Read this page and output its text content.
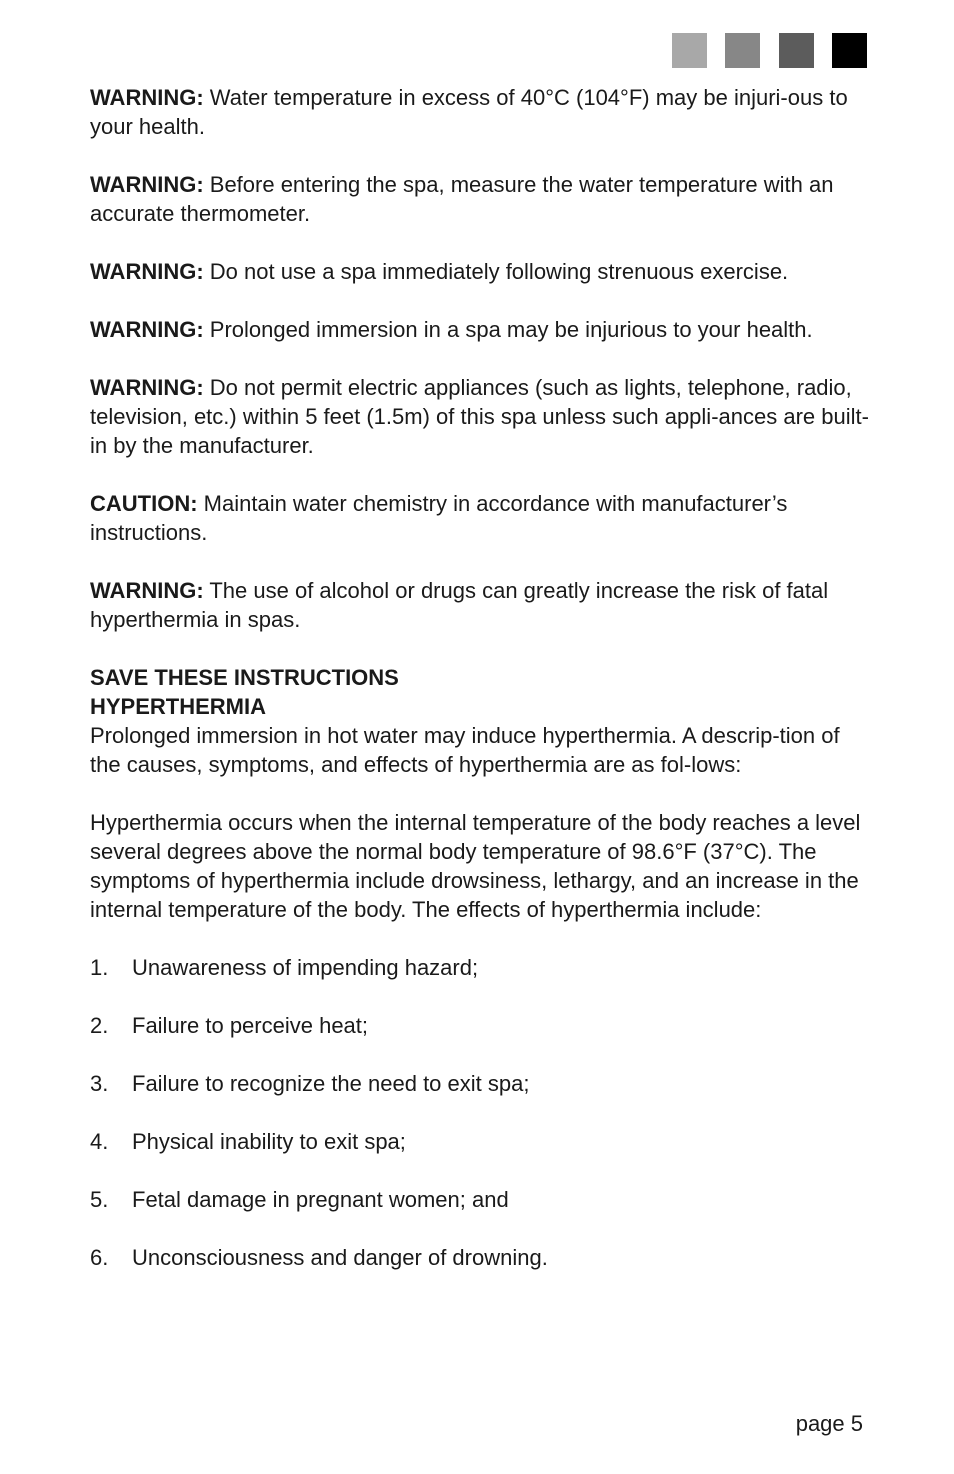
WARNING: Water temperature in excess of 40°C (104°F) may be injuri-ous to your health.

WARNING: Before entering the spa, measure the water temperature with an accurate thermometer.

WARNING: Do not use a spa immediately following strenuous exercise.

WARNING: Prolonged immersion in a spa may be injurious to your health.

WARNING: Do not permit electric appliances (such as lights, telephone, radio, television, etc.) within 5 feet (1.5m) of this spa unless such appli-ances are built-in by the manufacturer.

CAUTION: Maintain water chemistry in accordance with manufacturer’s instructions.

WARNING: The use of alcohol or drugs can greatly increase the risk of fatal hyperthermia in spas.

SAVE THESE INSTRUCTIONS

HYPERTHERMIA

Prolonged immersion in hot water may induce hyperthermia. A descrip-tion of the causes, symptoms, and effects of hyperthermia are as fol-lows:

Hyperthermia occurs when the internal temperature of the body reaches a level several degrees above the normal body temperature of 98.6°F (37°C). The symptoms of hyperthermia include drowsiness, lethargy, and an increase in the internal temperature of the body. The effects of hyperthermia include:

1.	Unawareness of impending hazard;
2.	Failure to perceive heat;
3.	Failure to recognize the need to exit spa;
4.	Physical inability to exit spa;
5.	Fetal damage in pregnant women; and
6.	Unconsciousness and danger of drowning.
page 5
